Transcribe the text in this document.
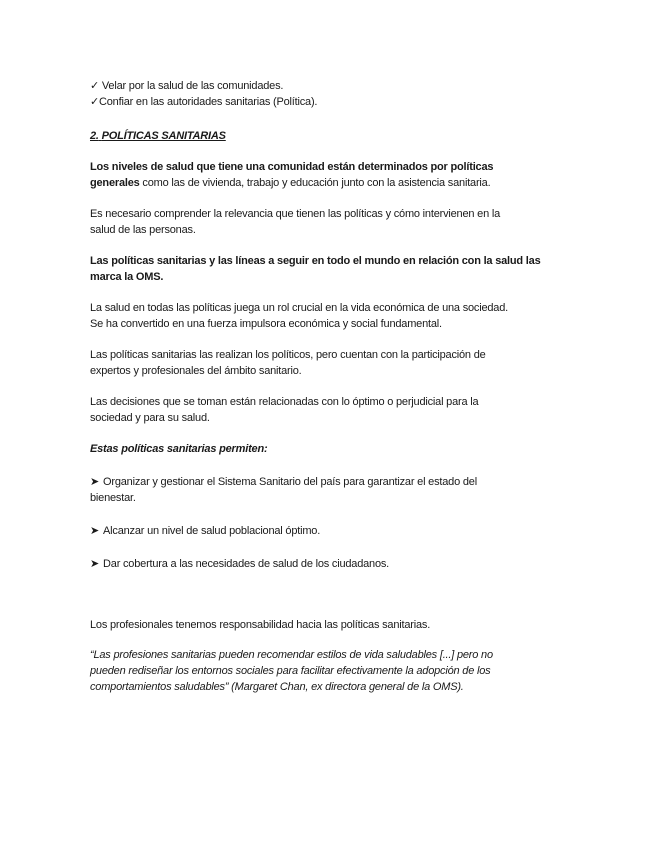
✓ Velar por la salud de las comunidades.
✓Confiar en las autoridades sanitarias (Política).
2. POLÍTICAS SANITARIAS

Los niveles de salud que tiene una comunidad están determinados por políticas
generales como las de vivienda, trabajo y educación junto con la asistencia sanitaria.

Es necesario comprender la relevancia que tienen las políticas y cómo intervienen en la
salud de las personas.

Las políticas sanitarias y las líneas a seguir en todo el mundo en relación con la salud las
marca la OMS.

La salud en todas las políticas juega un rol crucial en la vida económica de una sociedad.
Se ha convertido en una fuerza impulsora económica y social fundamental.

Las políticas sanitarias las realizan los políticos, pero cuentan con la participación de
expertos y profesionales del ámbito sanitario.

Las decisiones que se toman están relacionadas con lo óptimo o perjudicial para la
sociedad y para su salud.

Estas políticas sanitarias permiten:

➤ Organizar y gestionar el Sistema Sanitario del país para garantizar el estado del
bienestar.

➤ Alcanzar un nivel de salud poblacional óptimo.

➤ Dar cobertura a las necesidades de salud de los ciudadanos.

Los profesionales tenemos responsabilidad hacia las políticas sanitarias.

“Las profesiones sanitarias pueden recomendar estilos de vida saludables [...] pero no
pueden rediseñar los entornos sociales para facilitar efectivamente la adopción de los
comportamientos saludables” (Margaret Chan, ex directora general de la OMS).
